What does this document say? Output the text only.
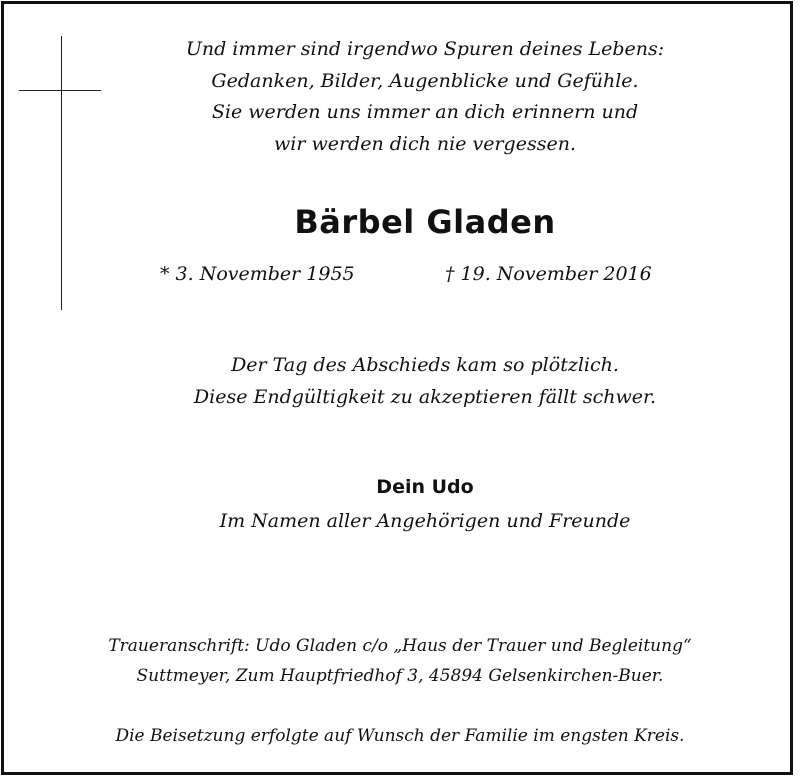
Und immer sind irgendwo Spuren deines Lebens:
Gedanken, Bilder, Augenblicke und Gefühle.
Sie werden uns immer an dich erinnern und
wir werden dich nie vergessen.
Bärbel Gladen
* 3. November 1955	† 19. November 2016
Der Tag des Abschieds kam so plötzlich.
Diese Endgültigkeit zu akzeptieren fällt schwer.
Dein Udo
Im Namen aller Angehörigen und Freunde
Traueranschrift: Udo Gladen c/o „Haus der Trauer und Begleitung“
Suttmeyer, Zum Hauptfriedhof 3, 45894 Gelsenkirchen-Buer.
Die Beisetzung erfolgte auf Wunsch der Familie im engsten Kreis.
